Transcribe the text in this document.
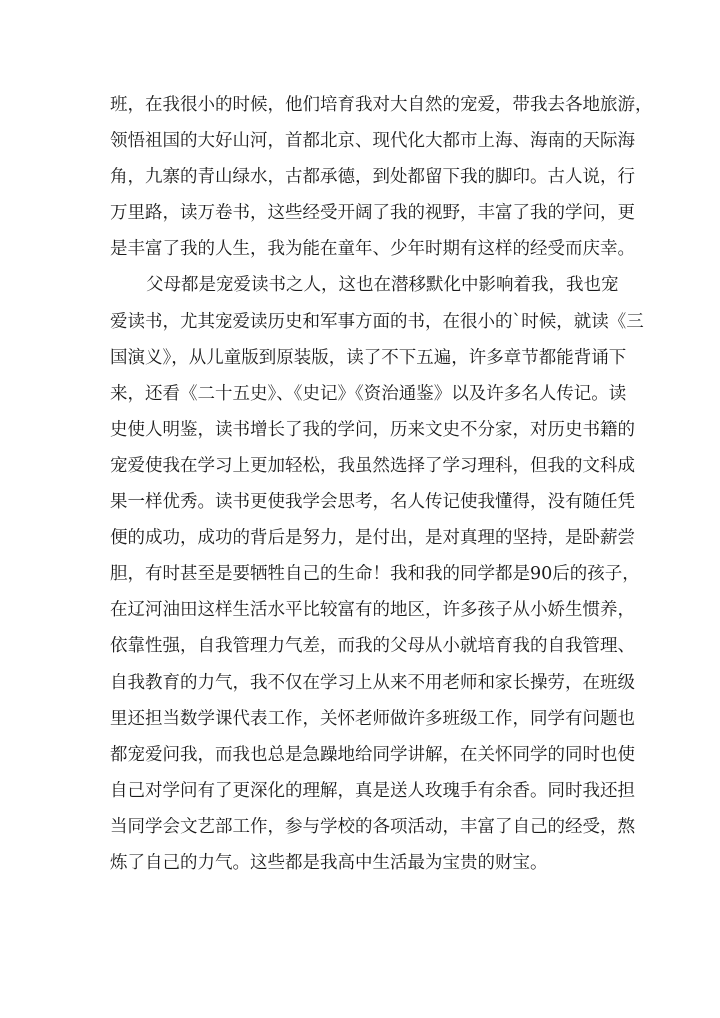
班，在我很小的时候，他们培育我对大自然的宠爱，带我去各地旅游，
领悟祖国的大好山河，首都北京、现代化大都市上海、海南的天际海
角，九寨的青山绿水，古都承德，到处都留下我的脚印。古人说，行
万里路，读万卷书，这些经受开阔了我的视野，丰富了我的学问，更
是丰富了我的人生，我为能在童年、少年时期有这样的经受而庆幸。
父母都是宠爱读书之人，这也在潜移默化中影响着我，我也宠
爱读书，尤其宠爱读历史和军事方面的书，在很小的`时候，就读《三
国演义》，从儿童版到原装版，读了不下五遍，许多章节都能背诵下
来，还看《二十五史》、《史记》《资治通鉴》以及许多名人传记。读
史使人明鉴，读书增长了我的学问，历来文史不分家，对历史书籍的
宠爱使我在学习上更加轻松，我虽然选择了学习理科，但我的文科成
果一样优秀。读书更使我学会思考，名人传记使我懂得，没有随任凭
便的成功，成功的背后是努力，是付出，是对真理的坚持，是卧薪尝
胆，有时甚至是要牺牲自己的生命！我和我的同学都是90后的孩子，
在辽河油田这样生活水平比较富有的地区，许多孩子从小娇生惯养，
依靠性强，自我管理力气差，而我的父母从小就培育我的自我管理、
自我教育的力气，我不仅在学习上从来不用老师和家长操劳，在班级
里还担当数学课代表工作，关怀老师做许多班级工作，同学有问题也
都宠爱问我，而我也总是急躁地给同学讲解，在关怀同学的同时也使
自己对学问有了更深化的理解，真是送人玫瑰手有余香。同时我还担
当同学会文艺部工作，参与学校的各项活动，丰富了自己的经受，熬
炼了自己的力气。这些都是我高中生活最为宝贵的财宝。
